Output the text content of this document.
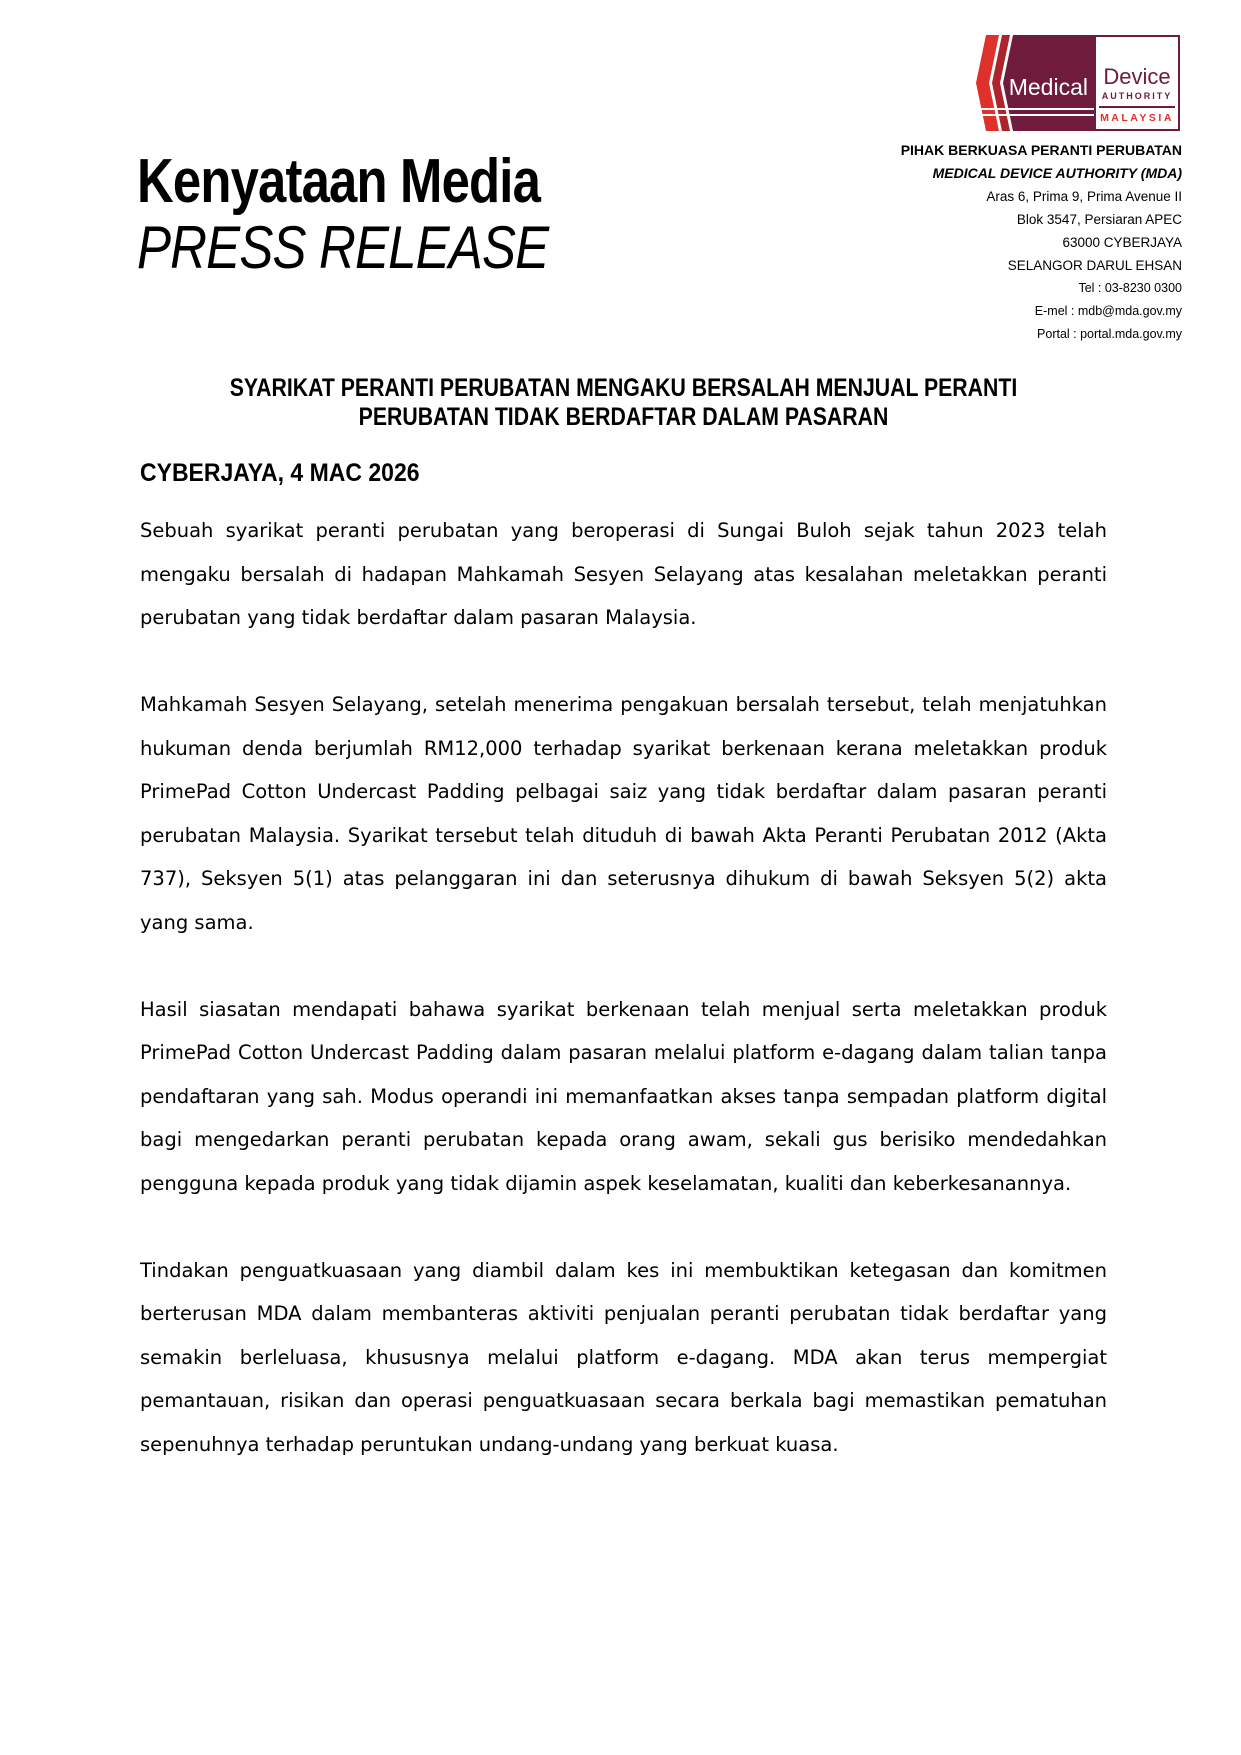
Kenyataan Media
PRESS RELEASE
Medical Device
AUTHORITY
MALAYSIA
PIHAK BERKUASA PERANTI PERUBATAN
MEDICAL DEVICE AUTHORITY (MDA)
Aras 6, Prima 9, Prima Avenue II
Blok 3547, Persiaran APEC
63000 CYBERJAYA
SELANGOR DARUL EHSAN
Tel : 03-8230 0300
E-mel : mdb@mda.gov.my
Portal : portal.mda.gov.my
SYARIKAT PERANTI PERUBATAN MENGAKU BERSALAH MENJUAL PERANTI
PERUBATAN TIDAK BERDAFTAR DALAM PASARAN
CYBERJAYA, 4 MAC 2026

Sebuah syarikat peranti perubatan yang beroperasi di Sungai Buloh sejak tahun 2023 telah mengaku bersalah di hadapan Mahkamah Sesyen Selayang atas kesalahan meletakkan peranti perubatan yang tidak berdaftar dalam pasaran Malaysia.

Mahkamah Sesyen Selayang, setelah menerima pengakuan bersalah tersebut, telah menjatuhkan hukuman denda berjumlah RM12,000 terhadap syarikat berkenaan kerana meletakkan produk PrimePad Cotton Undercast Padding pelbagai saiz yang tidak berdaftar dalam pasaran peranti perubatan Malaysia. Syarikat tersebut telah dituduh di bawah Akta Peranti Perubatan 2012 (Akta 737), Seksyen 5(1) atas pelanggaran ini dan seterusnya dihukum di bawah Seksyen 5(2) akta yang sama.

Hasil siasatan mendapati bahawa syarikat berkenaan telah menjual serta meletakkan produk PrimePad Cotton Undercast Padding dalam pasaran melalui platform e-dagang dalam talian tanpa pendaftaran yang sah. Modus operandi ini memanfaatkan akses tanpa sempadan platform digital bagi mengedarkan peranti perubatan kepada orang awam, sekali gus berisiko mendedahkan pengguna kepada produk yang tidak dijamin aspek keselamatan, kualiti dan keberkesanannya.

Tindakan penguatkuasaan yang diambil dalam kes ini membuktikan ketegasan dan komitmen berterusan MDA dalam membanteras aktiviti penjualan peranti perubatan tidak berdaftar yang semakin berleluasa, khususnya melalui platform e-dagang. MDA akan terus mempergiat pemantauan, risikan dan operasi penguatkuasaan secara berkala bagi memastikan pematuhan sepenuhnya terhadap peruntukan undang-undang yang berkuat kuasa.
